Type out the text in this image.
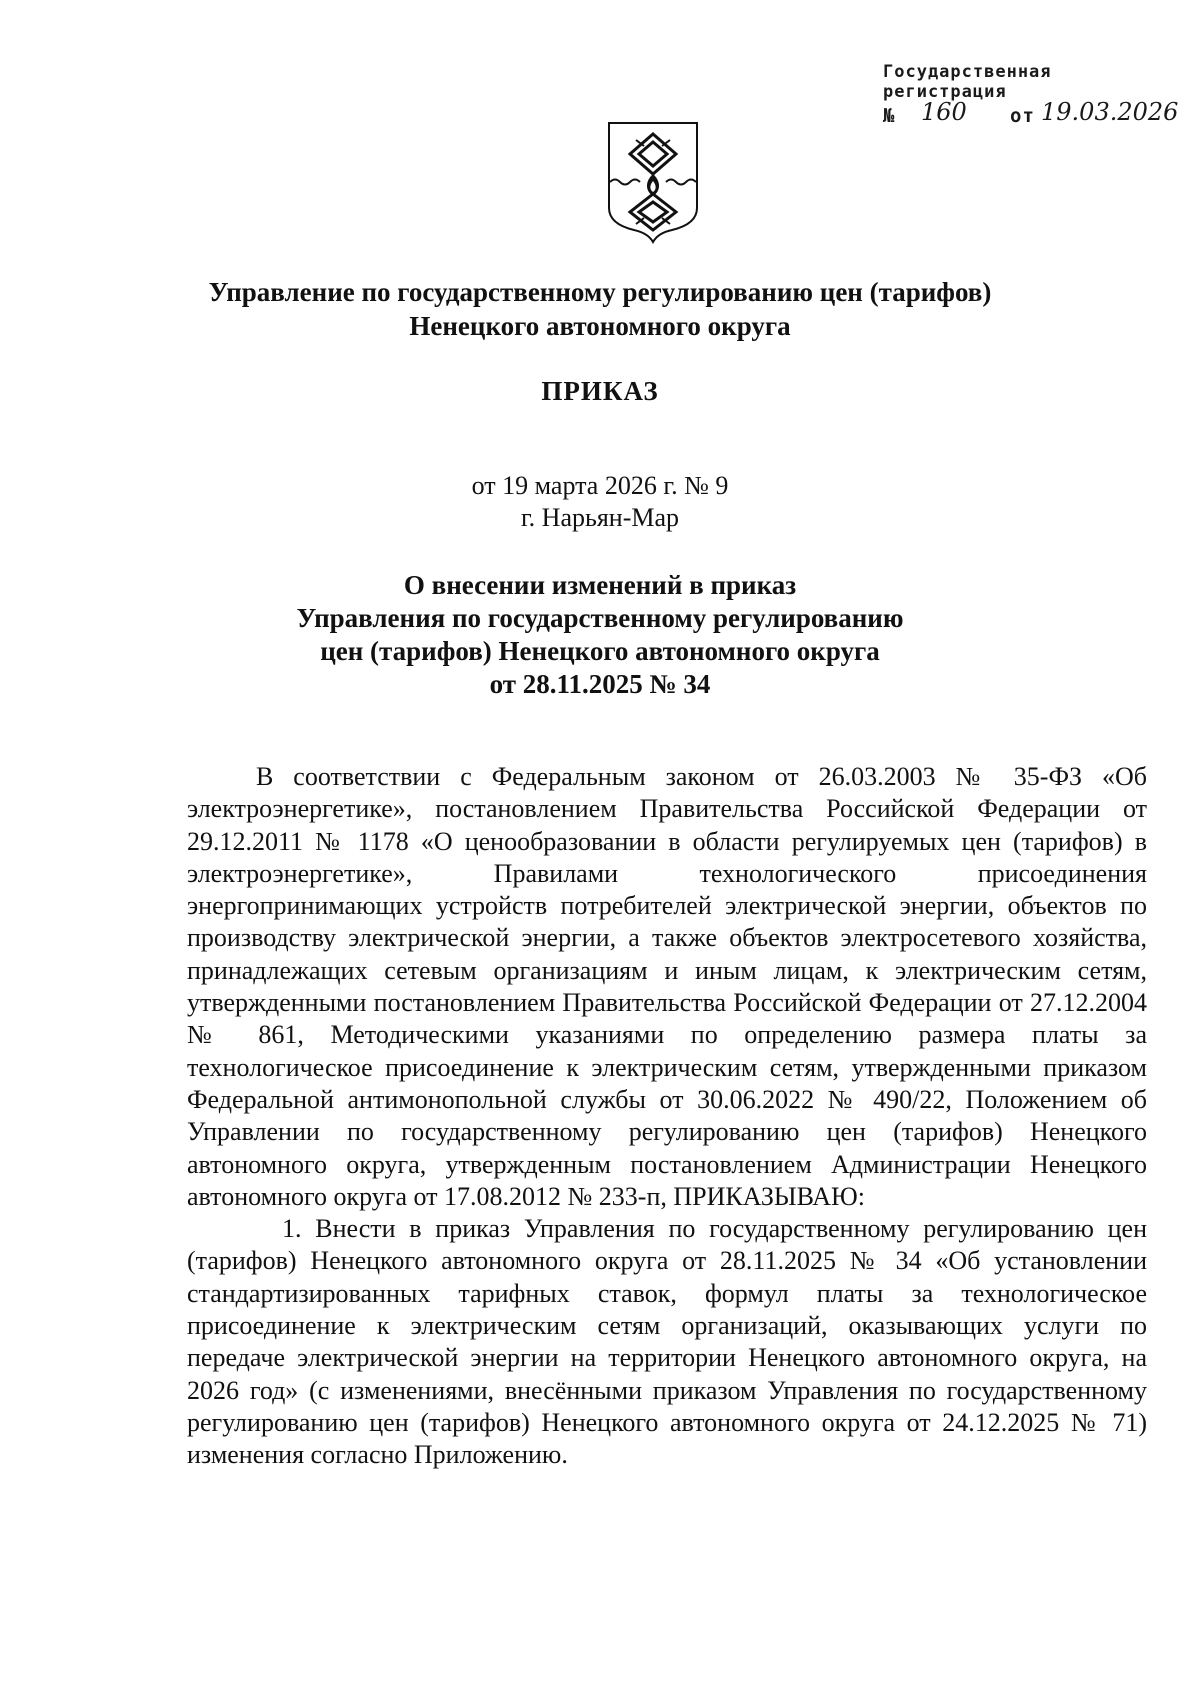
Государственная
регистрация
№ 160 от 19.03.2026
Управление по государственному регулированию цен (тарифов)
Ненецкого автономного округа
ПРИКАЗ
от 19 марта 2026 г. № 9
г. Нарьян-Мар
О внесении изменений в приказ
Управления по государственному регулированию
цен (тарифов) Ненецкого автономного округа
от 28.11.2025 № 34

В соответствии с Федеральным законом от 26.03.2003 № 35-ФЗ «Об электроэнергетике», постановлением Правительства Российской Федерации от 29.12.2011 № 1178 «О ценообразовании в области регулируемых цен (тарифов) в электроэнергетике», Правилами технологического присоединения энергопринимающих устройств потребителей электрической энергии, объектов по производству электрической энергии, а также объектов электросетевого хозяйства, принадлежащих сетевым организациям и иным лицам, к электрическим сетям, утвержденными постановлением Правительства Российской Федерации от 27.12.2004 № 861, Методическими указаниями по определению размера платы за технологическое присоединение к электрическим сетям, утвержденными приказом Федеральной антимонопольной службы от 30.06.2022 № 490/22, Положением об Управлении по государственному регулированию цен (тарифов) Ненецкого автономного округа, утвержденным постановлением Администрации Ненецкого автономного округа от 17.08.2012 № 233-п, ПРИКАЗЫВАЮ:

1. Внести в приказ Управления по государственному регулированию цен (тарифов) Ненецкого автономного округа от 28.11.2025 № 34 «Об установлении стандартизированных тарифных ставок, формул платы за технологическое присоединение к электрическим сетям организаций, оказывающих услуги по передаче электрической энергии на территории Ненецкого автономного округа, на 2026 год» (с изменениями, внесёнными приказом Управления по государственному регулированию цен (тарифов) Ненецкого автономного округа от 24.12.2025 № 71) изменения согласно Приложению.
